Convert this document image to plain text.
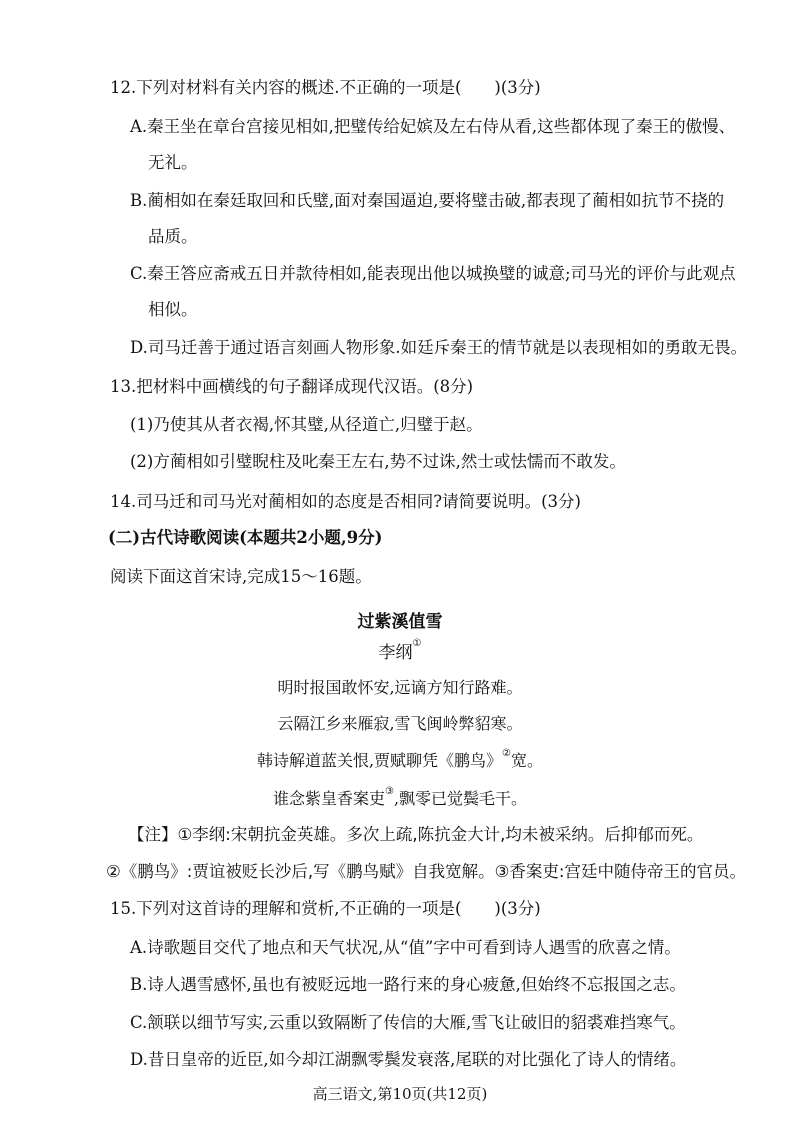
12.下列对材料有关内容的概述.不正确的一项是(　　)(3分)
A.秦王坐在章台宫接见相如,把璧传给妃嫔及左右侍从看,这些都体现了秦王的傲慢、
无礼。
B.蔺相如在秦廷取回和氏璧,面对秦国逼迫,要将璧击破,都表现了蔺相如抗节不挠的
品质。
C.秦王答应斋戒五日并款待相如,能表现出他以城换璧的诚意;司马光的评价与此观点
相似。
D.司马迁善于通过语言刻画人物形象.如廷斥秦王的情节就是以表现相如的勇敢无畏。
13.把材料中画横线的句子翻译成现代汉语。(8分)
(1)乃使其从者衣褐,怀其璧,从径道亡,归璧于赵。
(2)方蔺相如引璧睨柱及叱秦王左右,势不过诛,然士或怯懦而不敢发。
14.司马迁和司马光对蔺相如的态度是否相同?请简要说明。(3分)
(二)古代诗歌阅读(本题共2小题,9分)
阅读下面这首宋诗,完成15～16题。
过紫溪值雪
李纲①
明时报国敢怀安,远谪方知行路难。
云隔江乡来雁寂,雪飞闽岭弊貂寒。
韩诗解道蓝关恨,贾赋聊凭《鹏鸟》②宽。
谁念紫皇香案吏③,飘零已觉鬓毛干。
【注】①李纲:宋朝抗金英雄。多次上疏,陈抗金大计,均未被采纳。后抑郁而死。
②《鹏鸟》:贾谊被贬长沙后,写《鹏鸟赋》自我宽解。③香案吏:宫廷中随侍帝王的官员。
15.下列对这首诗的理解和赏析,不正确的一项是(　　)(3分)
A.诗歌题目交代了地点和天气状况,从“值”字中可看到诗人遇雪的欣喜之情。
B.诗人遇雪感怀,虽也有被贬远地一路行来的身心疲惫,但始终不忘报国之志。
C.颔联以细节写实,云重以致隔断了传信的大雁,雪飞让破旧的貂裘难挡寒气。
D.昔日皇帝的近臣,如今却江湖飘零鬓发衰落,尾联的对比强化了诗人的情绪。
高三语文,第10页(共12页)
